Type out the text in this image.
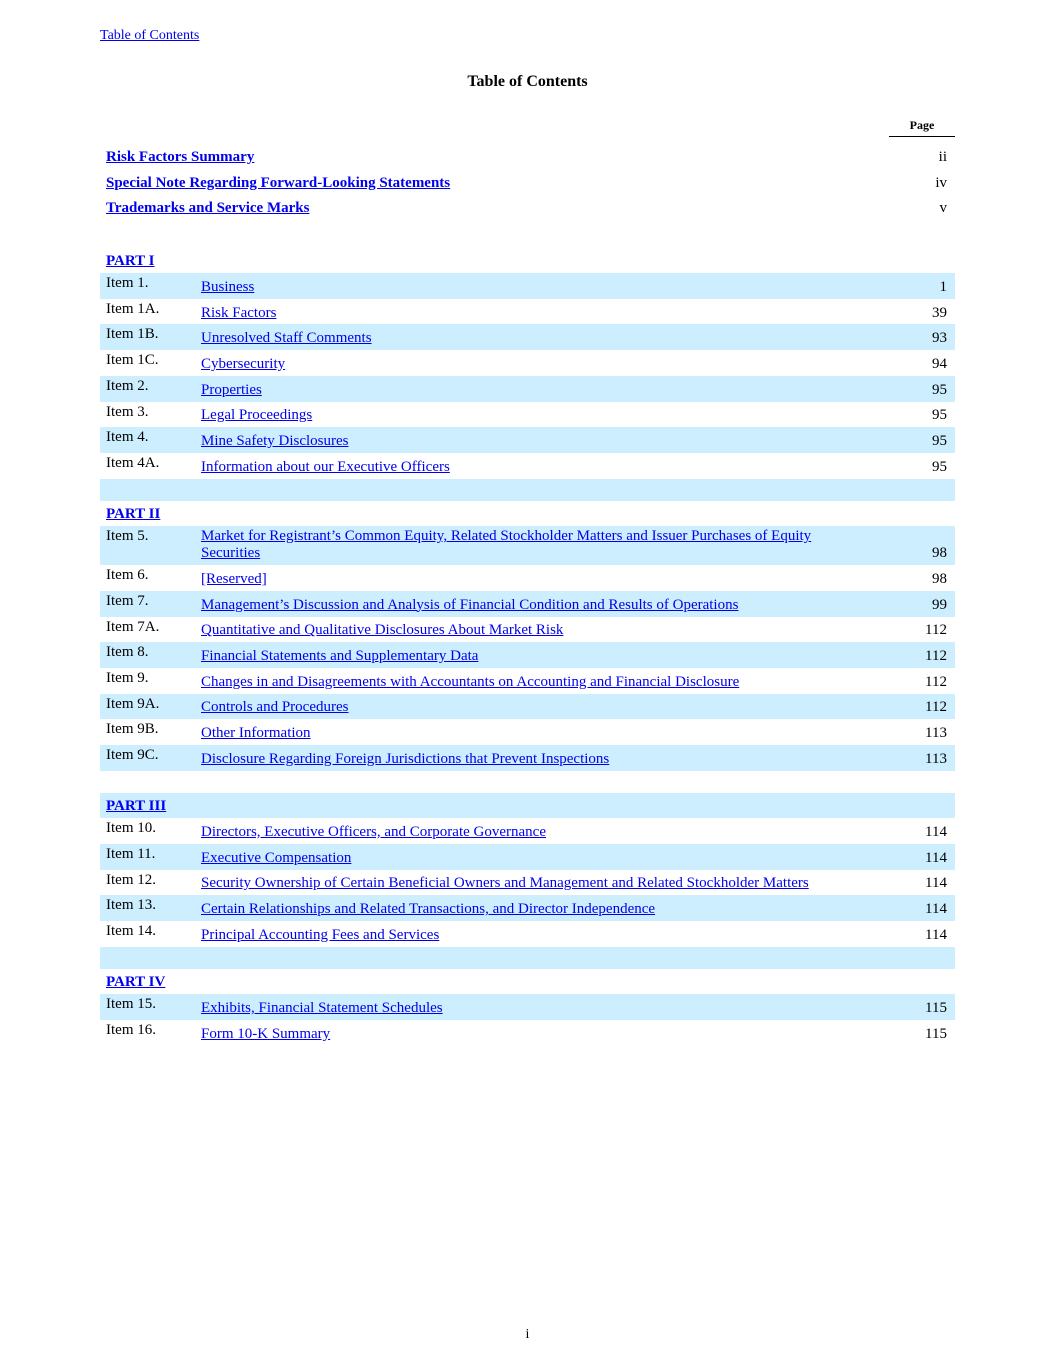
Table of Contents
Table of Contents
Page
Risk Factors Summary	ii
Special Note Regarding Forward-Looking Statements	iv
Trademarks and Service Marks	v
PART I
Item 1.	Business	1
Item 1A.	Risk Factors	39
Item 1B.	Unresolved Staff Comments	93
Item 1C.	Cybersecurity	94
Item 2.	Properties	95
Item 3.	Legal Proceedings	95
Item 4.	Mine Safety Disclosures	95
Item 4A.	Information about our Executive Officers	95
PART II
Item 5.	Market for Registrant’s Common Equity, Related Stockholder Matters and Issuer Purchases of Equity Securities	98
Item 6.	[Reserved]	98
Item 7.	Management’s Discussion and Analysis of Financial Condition and Results of Operations	99
Item 7A.	Quantitative and Qualitative Disclosures About Market Risk	112
Item 8.	Financial Statements and Supplementary Data	112
Item 9.	Changes in and Disagreements with Accountants on Accounting and Financial Disclosure	112
Item 9A.	Controls and Procedures	112
Item 9B.	Other Information	113
Item 9C.	Disclosure Regarding Foreign Jurisdictions that Prevent Inspections	113
PART III
Item 10.	Directors, Executive Officers, and Corporate Governance	114
Item 11.	Executive Compensation	114
Item 12.	Security Ownership of Certain Beneficial Owners and Management and Related Stockholder Matters	114
Item 13.	Certain Relationships and Related Transactions, and Director Independence	114
Item 14.	Principal Accounting Fees and Services	114
PART IV
Item 15.	Exhibits, Financial Statement Schedules	115
Item 16.	Form 10-K Summary	115
i
